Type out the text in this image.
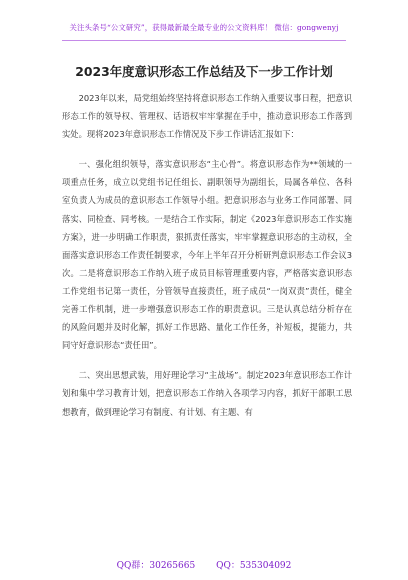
关注头条号“公文研究”，获得最新最全最专业的公文资料库！ 微信：gongwenyj
2023年度意识形态工作总结及下一步工作计划

2023年以来，局党组始终坚持将意识形态工作纳入重要议事日程，把意识形态工作的领导权、管理权、话语权牢牢掌握在手中，推动意识形态工作落到实处。现将2023年意识形态工作情况及下步工作讲话汇报如下：

一、强化组织领导，落实意识形态“主心骨”。将意识形态作为**领域的一项重点任务，成立以党组书记任组长、副职领导为副组长，局属各单位、各科室负责人为成员的意识形态工作领导小组。把意识形态与业务工作同部署、同落实、同检查、同考核。一是结合工作实际，制定《2023年意识形态工作实施方案》，进一步明确工作职责，狠抓责任落实，牢牢掌握意识形态的主动权，全面落实意识形态工作责任制要求，今年上半年召开分析研判意识形态工作会议3次。二是将意识形态工作纳入班子成员目标管理重要内容，严格落实意识形态工作党组书记第一责任，分管领导直接责任，班子成员“一岗双责”责任，健全完善工作机制，进一步增强意识形态工作的职责意识。三是认真总结分析存在的风险问题并及时化解，抓好工作思路、量化工作任务，补短板，提能力，共同守好意识形态“责任田”。

二、突出思想武装，用好理论学习“主战场”。制定2023年意识形态工作计划和集中学习教育计划，把意识形态工作纳入各项学习内容，抓好干部职工思想教育，做到理论学习有制度、有计划、有主题、有

QQ群：30265665 QQ：535304092
